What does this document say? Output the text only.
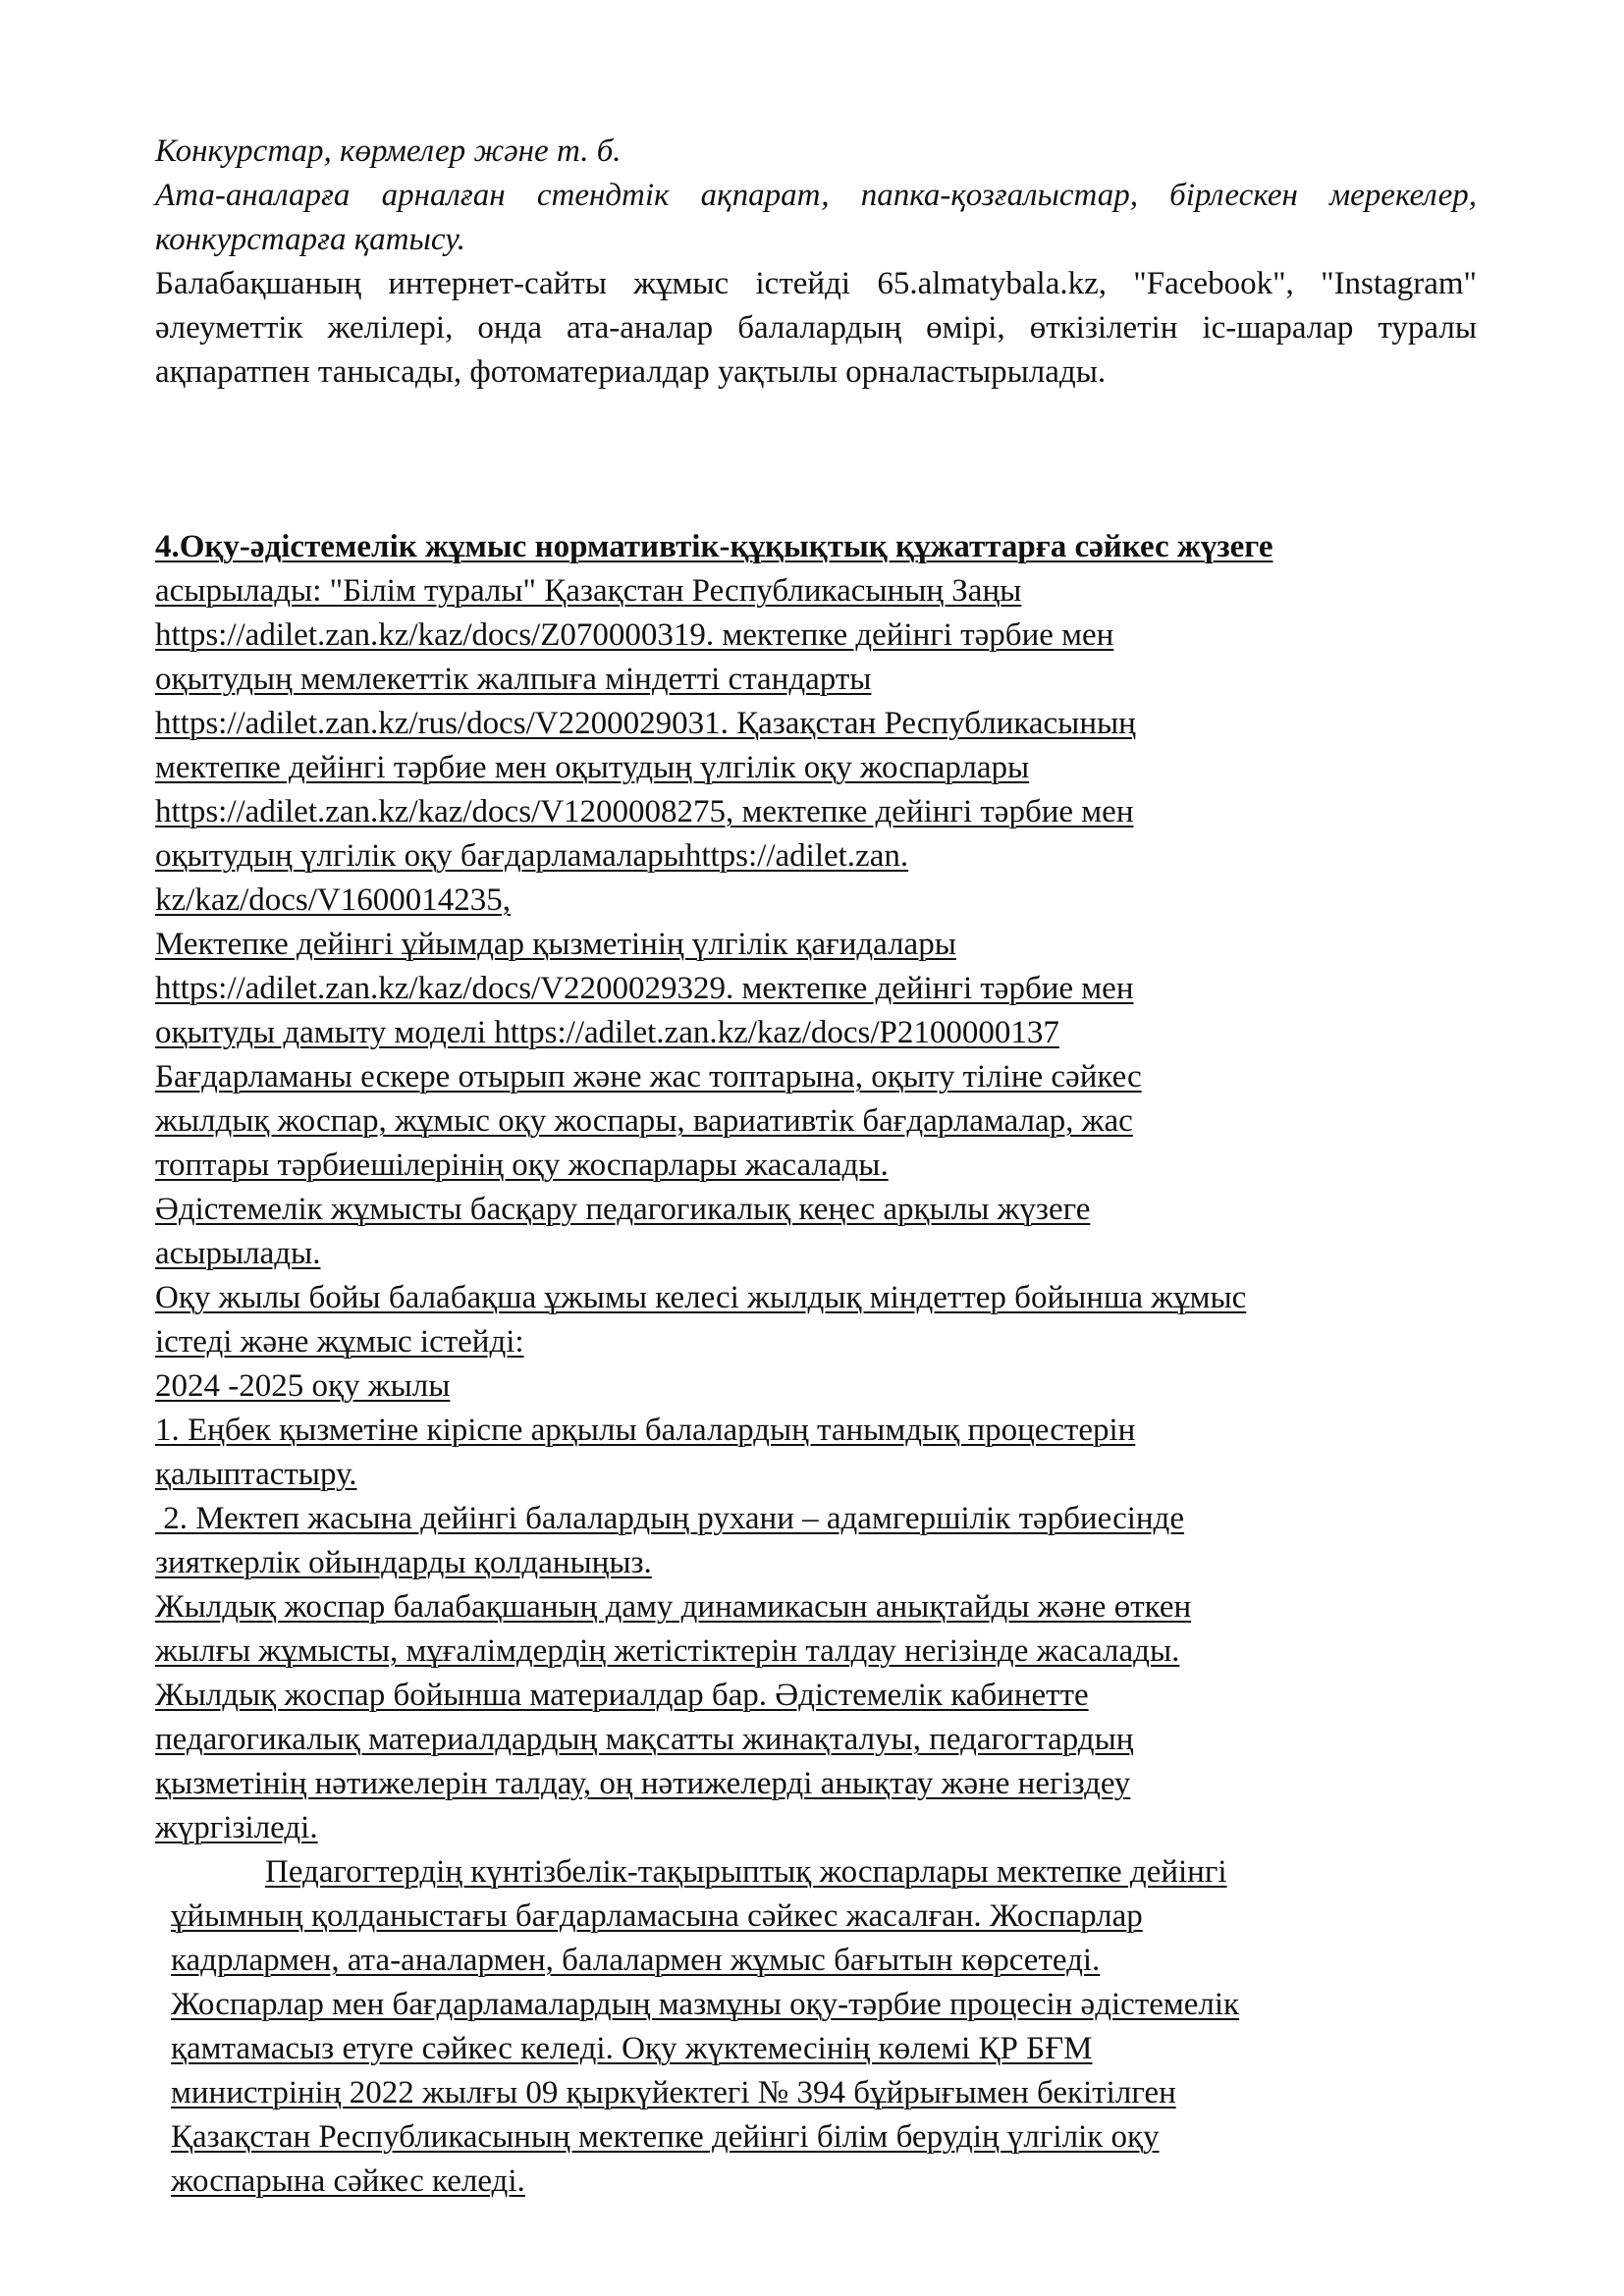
Конкурстар, көрмелер және т. б.

Ата-аналарға арналған стендтік ақпарат, папка-қозғалыстар, бірлескен мерекелер, конкурстарға қатысу.

Балабақшаның интернет-сайты жұмыс істейді 65.almatybala.kz, "Facebook", "Instagram" әлеуметтік желілері, онда ата-аналар балалардың өмірі, өткізілетін іс-шаралар туралы ақпаратпен танысады, фотоматериалдар уақтылы орналастырылады.

4.Оқу-әдістемелік жұмыс нормативтік-құқықтық құжаттарға сәйкес жүзеге асырылады: "Білім туралы" Қазақстан Республикасының Заңы

https://adilet.zan.kz/kaz/docs/Z070000319. мектепке дейінгі тәрбие мен

оқытудың мемлекеттік жалпыға міндетті стандарты

https://adilet.zan.kz/rus/docs/V2200029031. Қазақстан Республикасының

мектепке дейінгі тәрбие мен оқытудың үлгілік оқу жоспарлары

https://adilet.zan.kz/kaz/docs/V1200008275, мектепке дейінгі тәрбие мен

оқытудың үлгілік оқу бағдарламаларыhttps://adilet.zan.

kz/kaz/docs/V1600014235,

Мектепке дейінгі ұйымдар қызметінің үлгілік қағидалары

https://adilet.zan.kz/kaz/docs/V2200029329. мектепке дейінгі тәрбие мен

оқытуды дамыту моделі https://adilet.zan.kz/kaz/docs/P2100000137

Бағдарламаны ескере отырып және жас топтарына, оқыту тіліне сәйкес

жылдық жоспар, жұмыс оқу жоспары, вариативтік бағдарламалар, жас

топтары тәрбиешілерінің оқу жоспарлары жасалады.

Әдістемелік жұмысты басқару педагогикалық кеңес арқылы жүзеге

асырылады.

Оқу жылы бойы балабақша ұжымы келесі жылдық міндеттер бойынша жұмыс

істеді және жұмыс істейді:

2024 -2025 оқу жылы

1. Еңбек қызметіне кіріспе арқылы балалардың танымдық процестерін

қалыптастыру.

2. Мектеп жасына дейінгі балалардың рухани – адамгершілік тәрбиесінде

зияткерлік ойындарды қолданыңыз.

Жылдық жоспар балабақшаның даму динамикасын анықтайды және өткен

жылғы жұмысты, мұғалімдердің жетістіктерін талдау негізінде жасалады.

Жылдық жоспар бойынша материалдар бар. Әдістемелік кабинетте

педагогикалық материалдардың мақсатты жинақталуы, педагогтардың

қызметінің нәтижелерін талдау, оң нәтижелерді анықтау және негіздеу

жүргізіледі.

Педагогтердің күнтізбелік-тақырыптық жоспарлары мектепке дейінгі

ұйымның қолданыстағы бағдарламасына сәйкес жасалған. Жоспарлар

кадрлармен, ата-аналармен, балалармен жұмыс бағытын көрсетеді.

Жоспарлар мен бағдарламалардың мазмұны оқу-тәрбие процесін әдістемелік

қамтамасыз етуге сәйкес келеді. Оқу жүктемесінің көлемі ҚР БҒМ

министрінің 2022 жылғы 09 қыркүйектегі № 394 бұйрығымен бекітілген

Қазақстан Республикасының мектепке дейінгі білім берудің үлгілік оқу

жоспарына сәйкес келеді.
